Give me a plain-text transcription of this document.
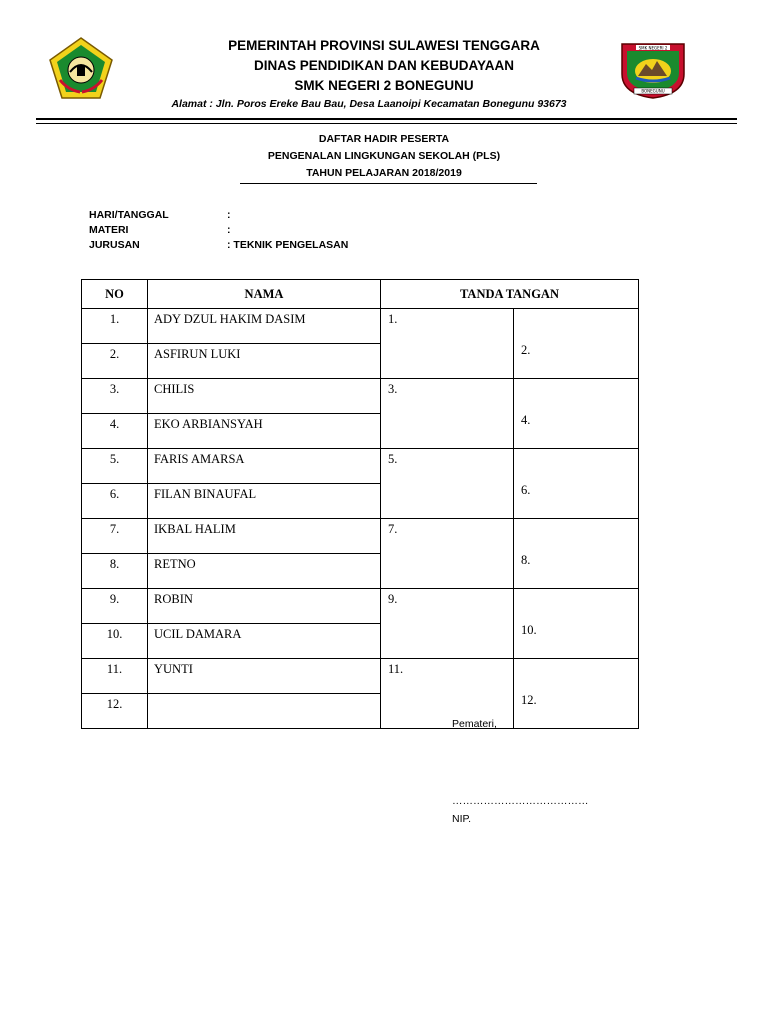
SMK NEGERI 2
BONEGUNU
PEMERINTAH PROVINSI SULAWESI TENGGARA
DINAS PENDIDIKAN DAN KEBUDAYAAN
SMK NEGERI 2 BONEGUNU
Alamat : Jln. Poros Ereke Bau Bau, Desa Laanoipi Kecamatan Bonegunu 93673
DAFTAR HADIR PESERTA
PENGENALAN LINGKUNGAN SEKOLAH (PLS)
TAHUN PELAJARAN 2018/2019
HARI/TANGGAL	:
MATERI	:
JURUSAN	: TEKNIK PENGELASAN
NO	NAMA	TANDA TANGAN	
1.	ADY DZUL HAKIM DASIM	1.	2.
2.	ASFIRUN LUKI		
3.	CHILIS	3.	4.
4.	EKO ARBIANSYAH		
5.	FARIS AMARSA	5.	6.
6.	FILAN BINAUFAL		
7.	IKBAL HALIM	7.	8.
8.	RETNO		
9.	ROBIN	9.	10.
10.	UCIL DAMARA		
11.	YUNTI	11.	12.
12.			
Pemateri,
…………………………………
NIP.
